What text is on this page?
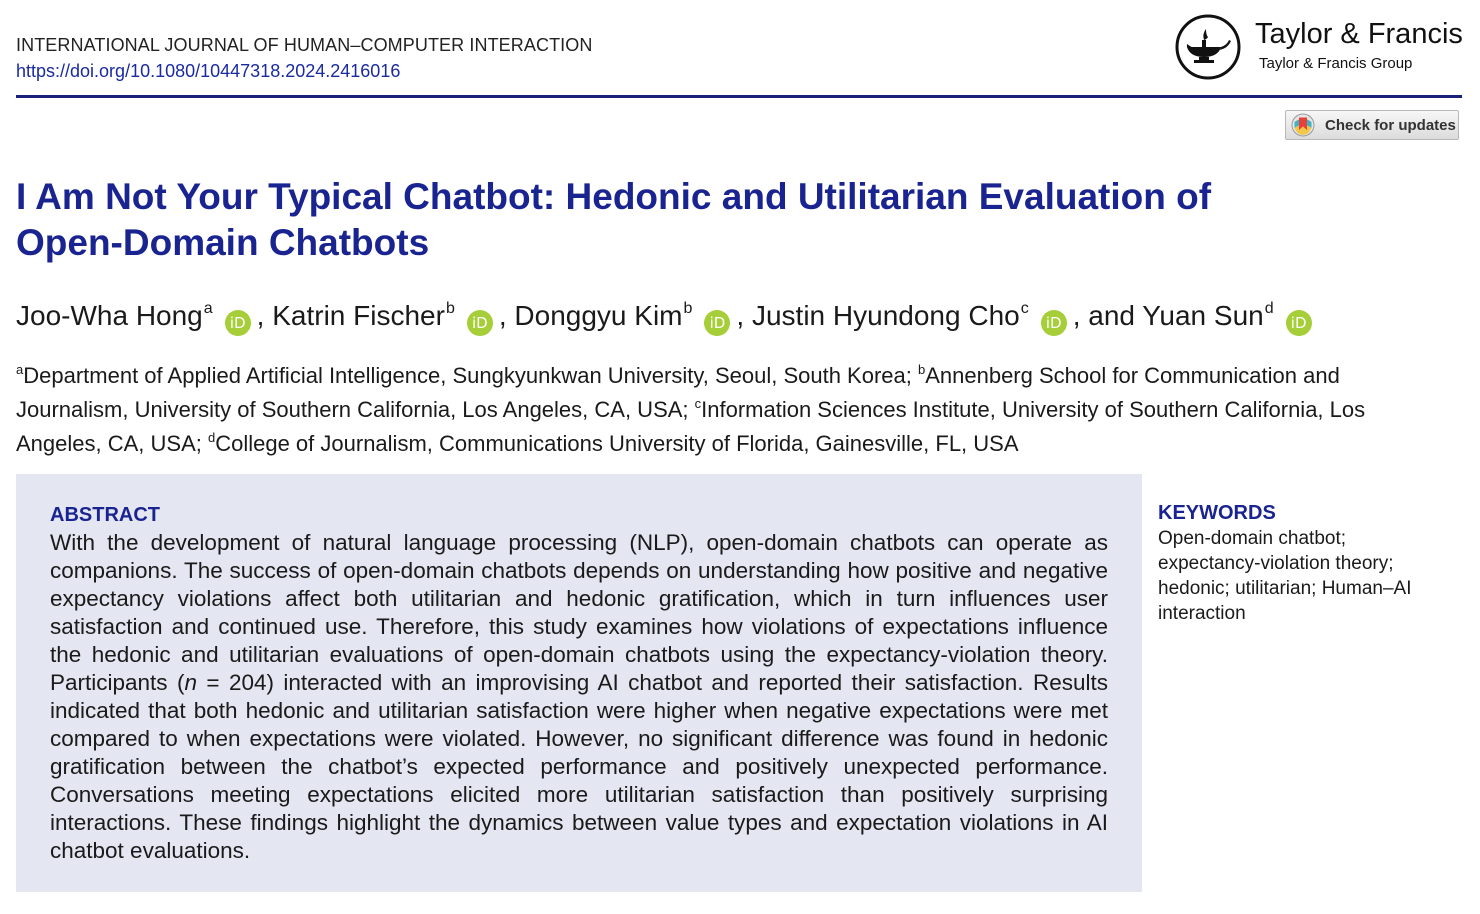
INTERNATIONAL JOURNAL OF HUMAN–COMPUTER INTERACTION
https://doi.org/10.1080/10447318.2024.2416016
Taylor & Francis
Taylor & Francis Group
Check for updates
I Am Not Your Typical Chatbot: Hedonic and Utilitarian Evaluation of Open-Domain Chatbots
Joo-Wha Hong$^a$iD , Katrin Fischer$^b$iD , Donggyu Kim$^b$iD , Justin Hyundong Cho$^c$iD , and Yuan Sun$^d$iD

$^a$Department of Applied Artificial Intelligence, Sungkyunkwan University, Seoul, South Korea; $^b$Annenberg School for Communication and Journalism, University of Southern California, Los Angeles, CA, USA; $^c$Information Sciences Institute, University of Southern California, Los Angeles, CA, USA; $^d$College of Journalism, Communications University of Florida, Gainesville, FL, USA

ABSTRACT

With the development of natural language processing (NLP), open-domain chatbots can operate as companions. The success of open-domain chatbots depends on understanding how positive and negative expectancy violations affect both utilitarian and hedonic gratification, which in turn influences user satisfaction and continued use. Therefore, this study examines how violations of expectations influence the hedonic and utilitarian evaluations of open-domain chatbots using the expectancy-violation theory. Participants (n = 204) interacted with an improvising AI chatbot and reported their satisfaction. Results indicated that both hedonic and utilitarian satisfaction were higher when negative expectations were met compared to when expectations were violated. However, no significant difference was found in hedonic gratification between the chatbot’s expected performance and positively unexpected performance. Conversations meeting expectations elicited more utilitarian satisfaction than positively surprising interactions. These findings highlight the dynamics between value types and expectation violations in AI chatbot evaluations.

KEYWORDS

Open-domain chatbot; expectancy-violation theory; hedonic; utilitarian; Human–AI interaction
